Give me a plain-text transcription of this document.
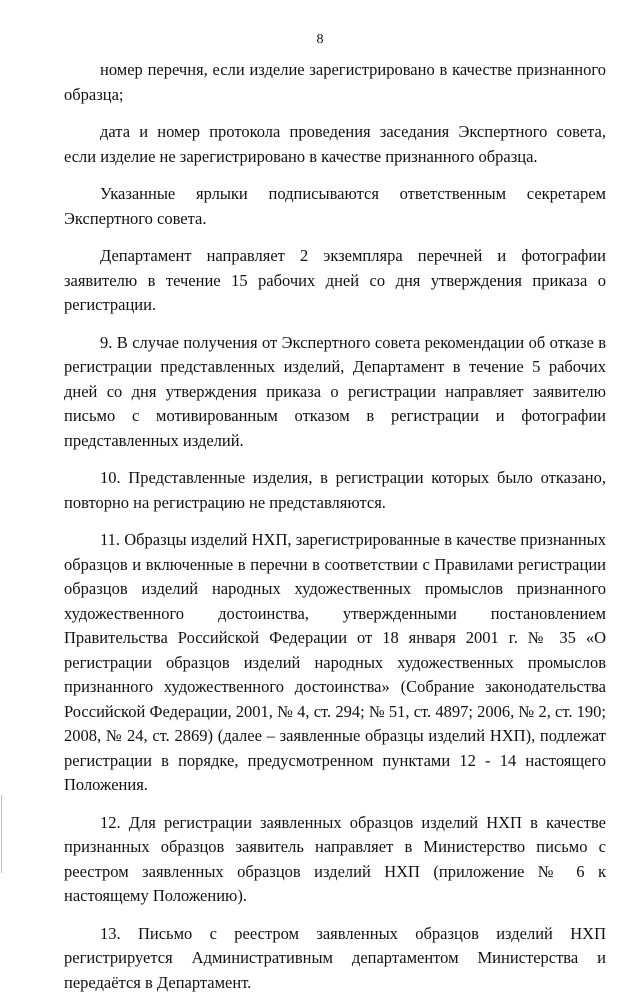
8

номер перечня, если изделие зарегистрировано в качестве признанного образца;

дата и номер протокола проведения заседания Экспертного совета, если изделие не зарегистрировано в качестве признанного образца.

Указанные ярлыки подписываются ответственным секретарем Экспертного совета.

Департамент направляет 2 экземпляра перечней и фотографии заявителю в течение 15 рабочих дней со дня утверждения приказа о регистрации.

9. В случае получения от Экспертного совета рекомендации об отказе в регистрации представленных изделий, Департамент в течение 5 рабочих дней со дня утверждения приказа о регистрации направляет заявителю письмо с мотивированным отказом в регистрации и фотографии представленных изделий.

10. Представленные изделия, в регистрации которых было отказано, повторно на регистрацию не представляются.

11. Образцы изделий НХП, зарегистрированные в качестве признанных образцов и включенные в перечни в соответствии с Правилами регистрации образцов изделий народных художественных промыслов признанного художественного достоинства, утвержденными постановлением Правительства Российской Федерации от 18 января 2001 г. № 35 «О регистрации образцов изделий народных художественных промыслов признанного художественного достоинства» (Собрание законодательства Российской Федерации, 2001, № 4, ст. 294; № 51, ст. 4897; 2006, № 2, ст. 190; 2008, № 24, ст. 2869) (далее – заявленные образцы изделий НХП), подлежат регистрации в порядке, предусмотренном пунктами 12 - 14 настоящего Положения.

12. Для регистрации заявленных образцов изделий НХП в качестве признанных образцов заявитель направляет в Министерство письмо с реестром заявленных образцов изделий НХП (приложение № 6 к настоящему Положению).

13. Письмо с реестром заявленных образцов изделий НХП регистрируется Административным департаментом Министерства и передаётся в Департамент.
